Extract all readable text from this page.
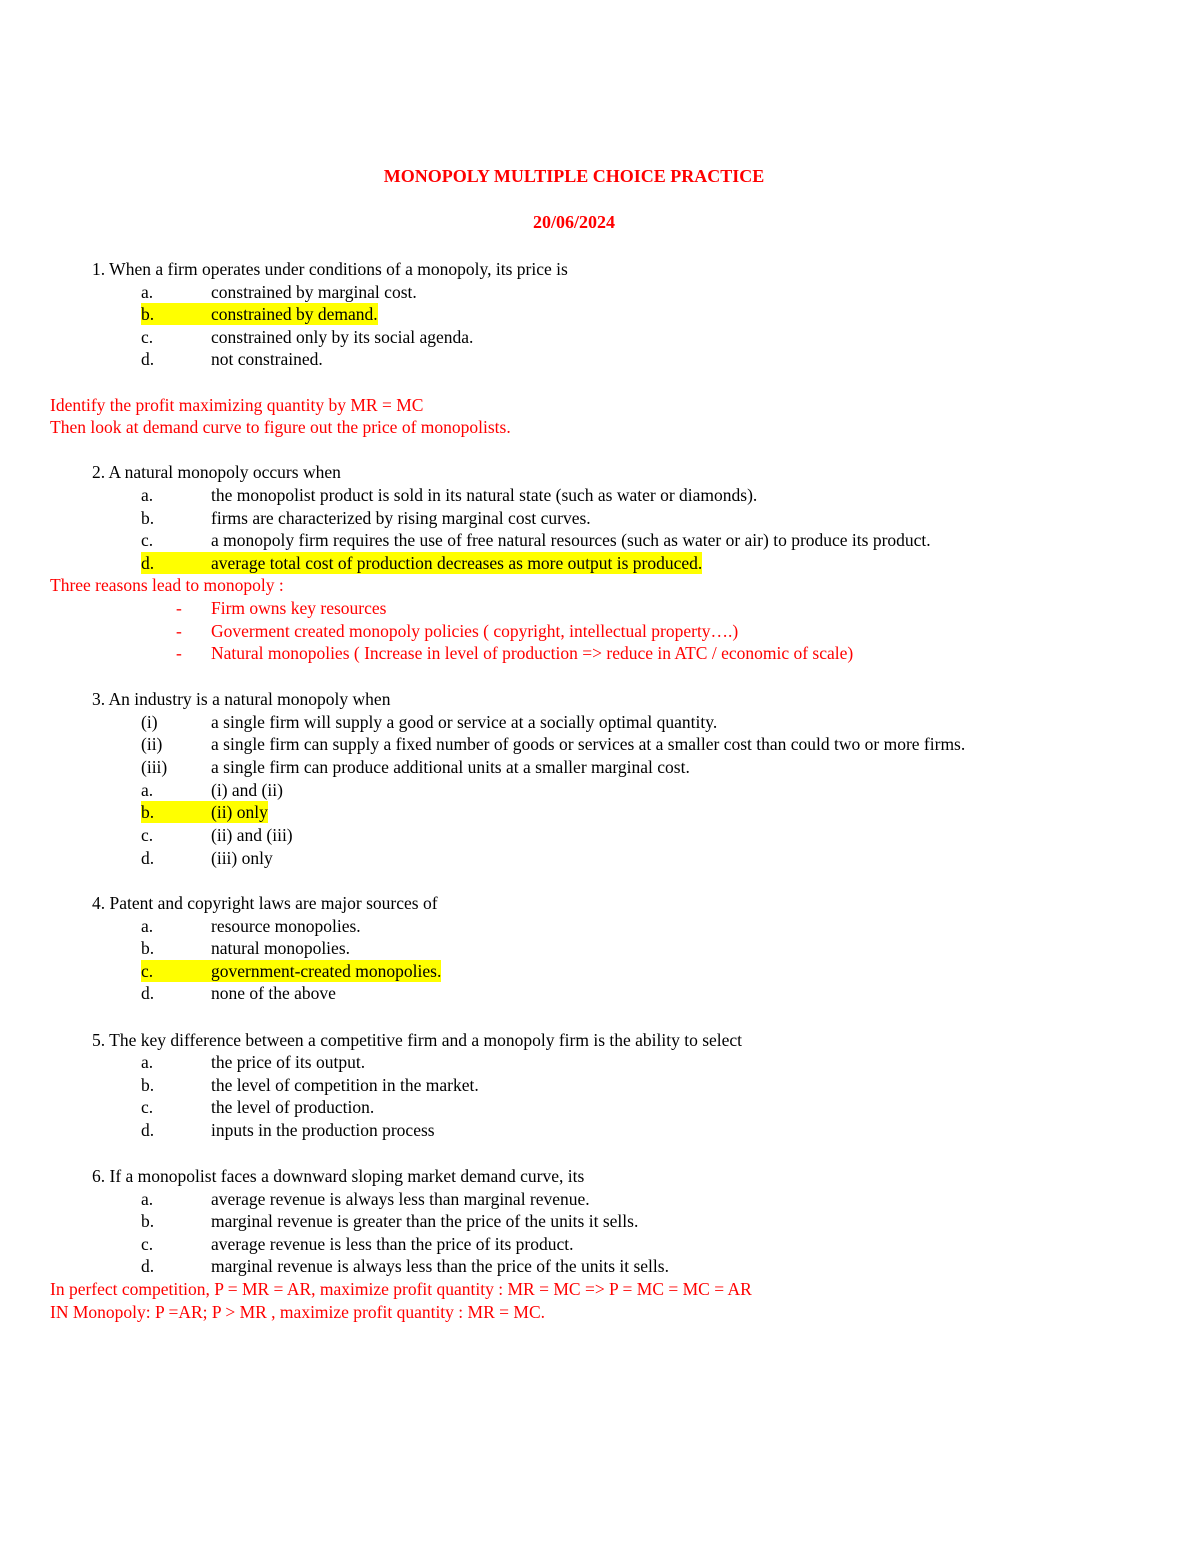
MONOPOLY MULTIPLE CHOICE PRACTICE
20/06/2024
1. When a firm operates under conditions of a monopoly, its price is
a.	constrained by marginal cost.
b.	constrained by demand.
c.	constrained only by its social agenda.
d.	not constrained.
Identify the profit maximizing quantity by MR = MC
Then look at demand curve to figure out the price of monopolists.
2. A natural monopoly occurs when
a.	the monopolist product is sold in its natural state (such as water or diamonds).
b.	firms are characterized by rising marginal cost curves.
c.	a monopoly firm requires the use of free natural resources (such as water or air) to produce its product.
d.	average total cost of production decreases as more output is produced.
Three reasons lead to monopoly :
- Firm owns key resources
- Goverment created monopoly policies ( copyright, intellectual property….)
- Natural monopolies ( Increase in level of production => reduce in ATC / economic of scale)
3. An industry is a natural monopoly when
(i)	a single firm will supply a good or service at a socially optimal quantity.
(ii)	a single firm can supply a fixed number of goods or services at a smaller cost than could two or more firms.
(iii)	a single firm can produce additional units at a smaller marginal cost.
a.	(i) and (ii)
b.	(ii) only
c.	(ii) and (iii)
d.	(iii) only
4. Patent and copyright laws are major sources of
a.	resource monopolies.
b.	natural monopolies.
c.	government-created monopolies.
d.	none of the above
5. The key difference between a competitive firm and a monopoly firm is the ability to select
a.	the price of its output.
b.	the level of competition in the market.
c.	the level of production.
d.	inputs in the production process
6. If a monopolist faces a downward sloping market demand curve, its
a.	average revenue is always less than marginal revenue.
b.	marginal revenue is greater than the price of the units it sells.
c.	average revenue is less than the price of its product.
d.	marginal revenue is always less than the price of the units it sells.
In perfect competition, P = MR = AR, maximize profit quantity : MR = MC => P = MC = MC = AR
IN Monopoly: P =AR; P > MR , maximize profit quantity : MR = MC.
